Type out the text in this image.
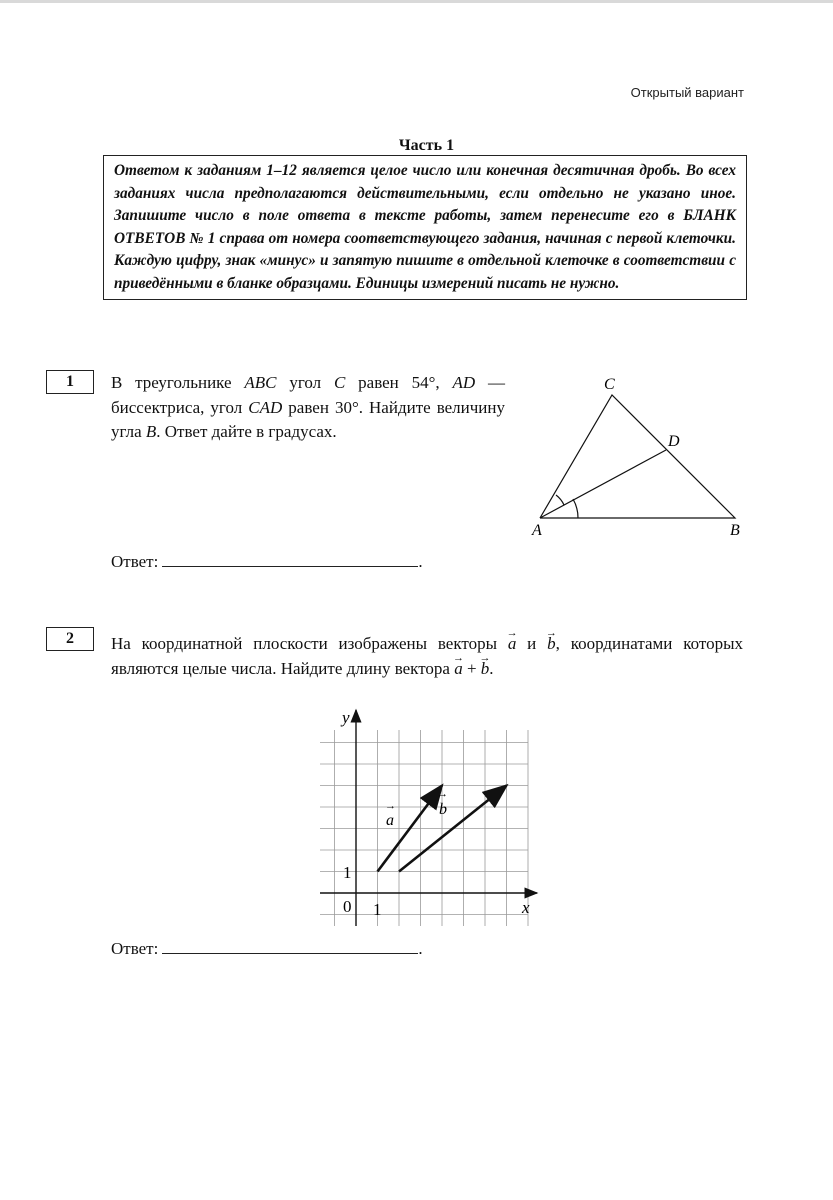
Открытый вариант
Часть 1
Ответом к заданиям 1–12 является целое число или конечная десятичная дробь. Во всех заданиях числа предполагаются действительными, если отдельно не указано иное. Запишите число в поле ответа в тексте работы, затем перенесите его в БЛАНК ОТВЕТОВ № 1 справа от номера соответствующего задания, начиная с первой клеточки. Каждую цифру, знак «минус» и запятую пишите в отдельной клеточке в соответствии с приведёнными в бланке образцами. Единицы измерений писать не нужно.
1	В треугольнике ABC угол C равен 54°, AD — биссектриса, угол CAD равен 30°. Найдите величину угла B. Ответ дайте в градусах.
A	B
C
D
Ответ:	.
2	На координатной плоскости изображены векторы → a и → b, координатами которых являются целые числа. Найдите длину вектора → a + → b.
y
x
0 1
1
a
b
→
→
Ответ:	.
